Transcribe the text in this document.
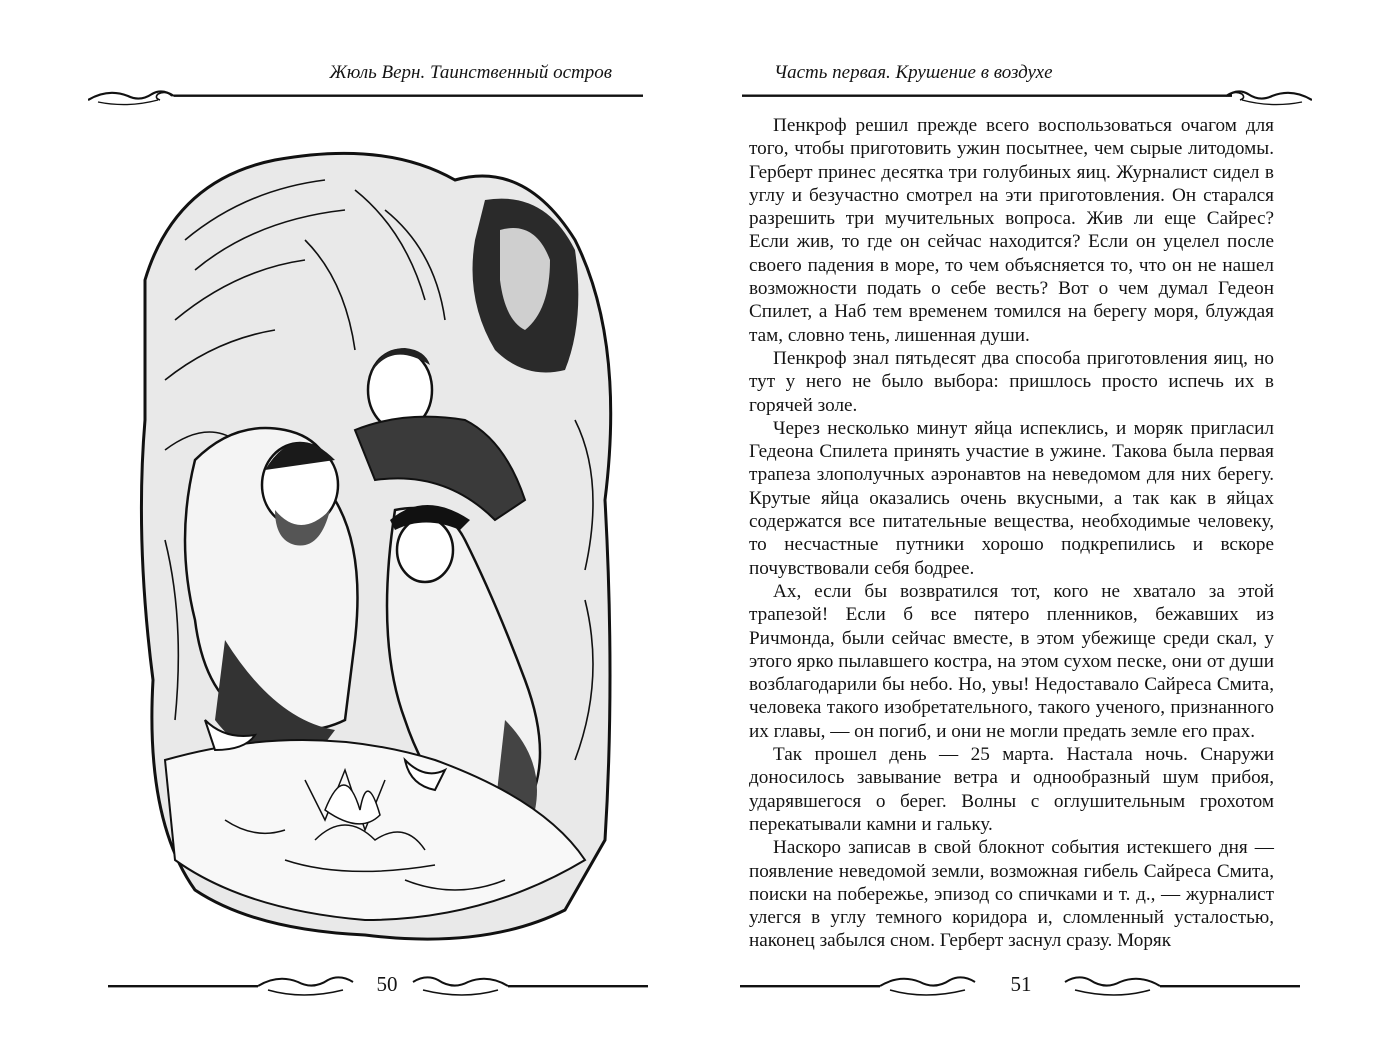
Жюль Верн. Таинственный остров
50
Часть первая. Крушение в воздухе

Пенкроф решил прежде всего воспользоваться очагом для того, чтобы приготовить ужин посытнее, чем сырые литодомы. Герберт принес десятка три голубиных яиц. Журналист сидел в углу и безучастно смотрел на эти приготовления. Он старался разрешить три мучительных вопроса. Жив ли еще Сайрес? Если жив, то где он сейчас находится? Если он уцелел после своего падения в море, то чем объясняется то, что он не нашел возможности подать о себе весть? Вот о чем думал Гедеон Спилет, а Наб тем временем томился на берегу моря, блуждая там, словно тень, лишенная души.

Пенкроф знал пятьдесят два способа приготовления яиц, но тут у него не было выбора: пришлось просто испечь их в горячей золе.

Через несколько минут яйца испеклись, и моряк пригласил Гедеона Спилета принять участие в ужине. Такова была первая трапеза злополучных аэронавтов на неведомом для них берегу. Крутые яйца оказались очень вкусными, а так как в яйцах содержатся все питательные вещества, необходимые человеку, то несчастные путники хорошо подкрепились и вскоре почувствовали себя бодрее.

Ах, если бы возвратился тот, кого не хватало за этой трапезой! Если б все пятеро пленников, бежавших из Ричмонда, были сейчас вместе, в этом убежище среди скал, у этого ярко пылавшего костра, на этом сухом песке, они от души возблагодарили бы небо. Но, увы! Недоставало Сайреса Смита, человека такого изобретательного, такого ученого, признанного их главы, — он погиб, и они не могли предать земле его прах.

Так прошел день — 25 марта. Настала ночь. Снаружи доносилось завывание ветра и однообразный шум прибоя, ударявшегося о берег. Волны с оглушительным грохотом перекатывали камни и гальку.

Наскоро записав в свой блокнот события истекшего дня — появление неведомой земли, возможная гибель Сайреса Смита, поиски на побережье, эпизод со спичками и т. д., — журналист улегся в углу темного коридора и, сломленный усталостью, наконец забылся сном. Герберт заснул сразу. Моряк

51
